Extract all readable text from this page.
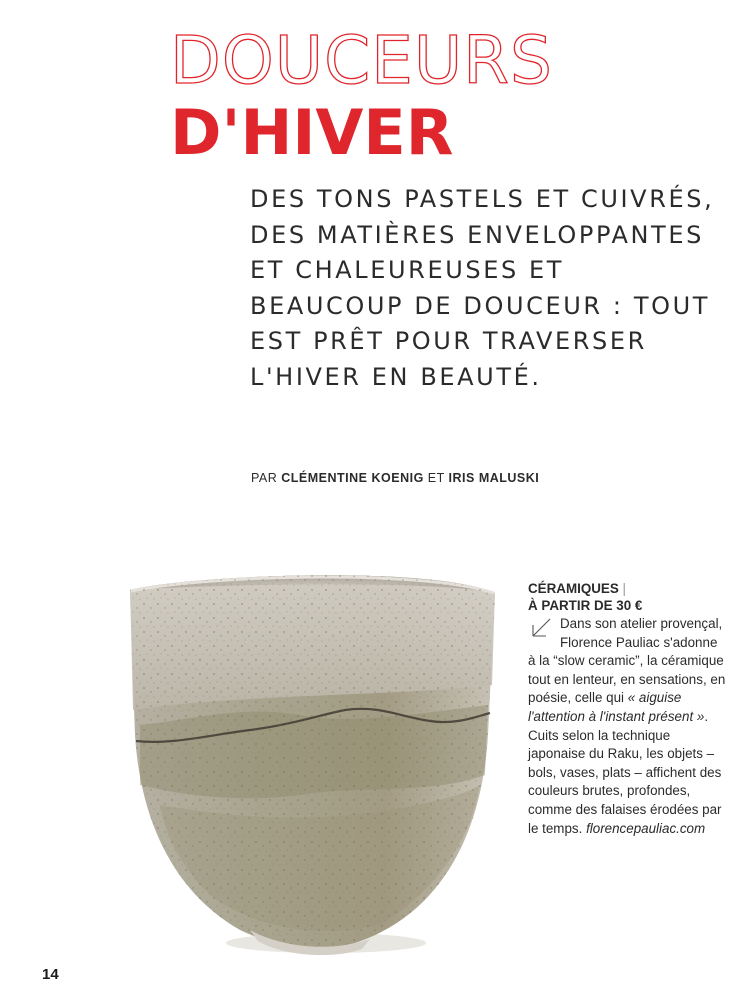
DOUCEURS
D'HIVER
DES TONS PASTELS ET CUIVRÉS, DES MATIÈRES ENVELOPPANTES ET CHALEUREUSES ET BEAUCOUP DE DOUCEUR : TOUT EST PRÊT POUR TRAVERSER L'HIVER EN BEAUTÉ.
PAR CLÉMENTINE KOENIG ET IRIS MALUSKI
CÉRAMIQUES |
À PARTIR DE 30 €
Dans son atelier provençal, Florence Pauliac s'adonne à la “slow ceramic”, la céramique tout en lenteur, en sensations, en poésie, celle qui « aiguise l'attention à l'instant présent ». Cuits selon la technique japonaise du Raku, les objets – bols, vases, plats – affichent des couleurs brutes, profondes, comme des falaises érodées par le temps. florencepauliac.com
14
